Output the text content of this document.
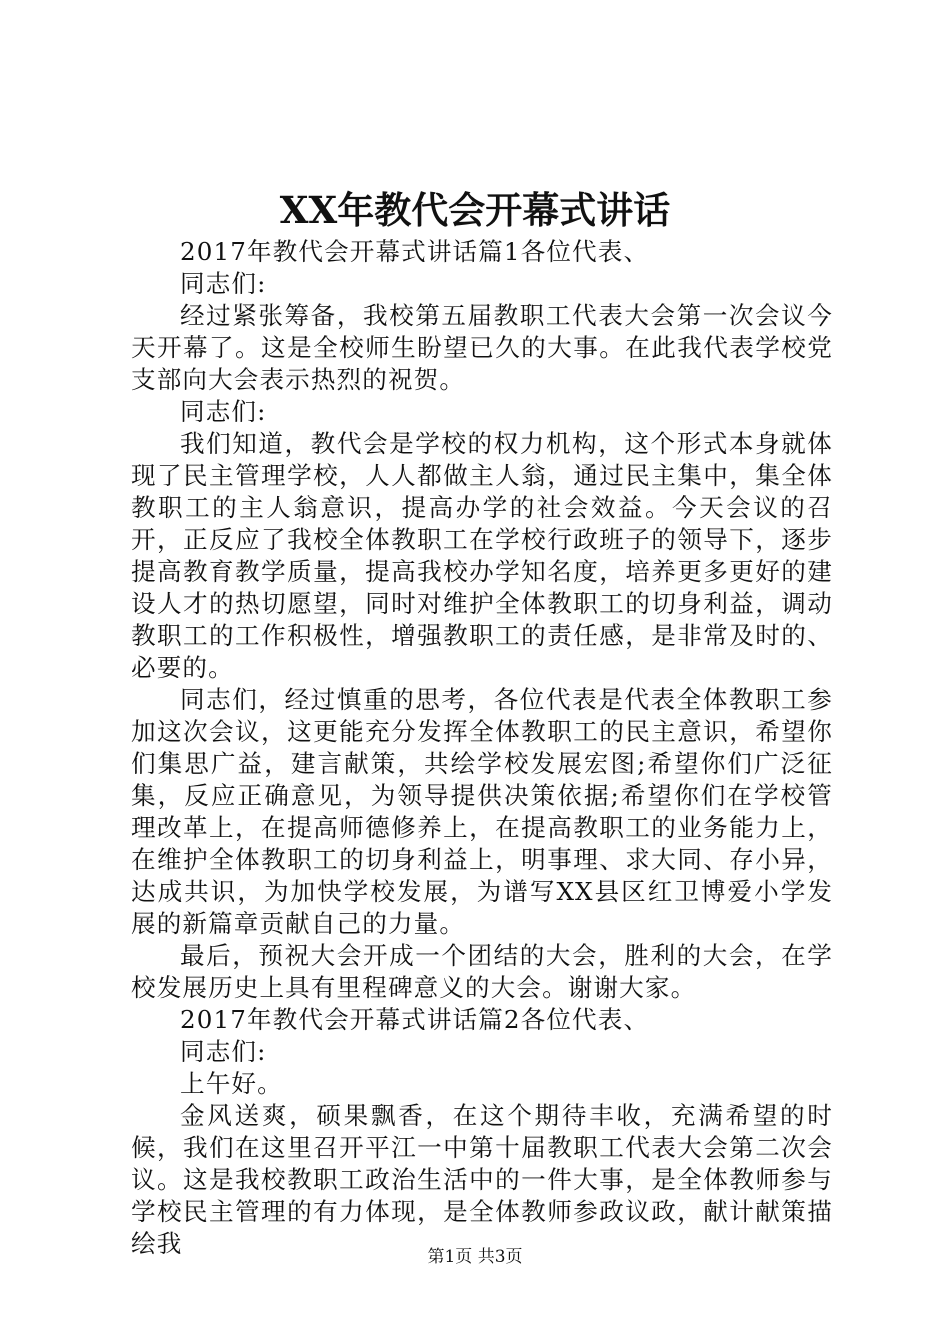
XX年教代会开幕式讲话

2017年教代会开幕式讲话篇1各位代表、

同志们:

经过紧张筹备，我校第五届教职工代表大会第一次会议今天开幕了。这是全校师生盼望已久的大事。在此我代表学校党支部向大会表示热烈的祝贺。

同志们:

我们知道，教代会是学校的权力机构，这个形式本身就体现了民主管理学校，人人都做主人翁，通过民主集中，集全体教职工的主人翁意识，提高办学的社会效益。今天会议的召开，正反应了我校全体教职工在学校行政班子的领导下，逐步提高教育教学质量，提高我校办学知名度，培养更多更好的建设人才的热切愿望，同时对维护全体教职工的切身利益，调动教职工的工作积极性，增强教职工的责任感，是非常及时的、必要的。

同志们，经过慎重的思考，各位代表是代表全体教职工参加这次会议，这更能充分发挥全体教职工的民主意识，希望你们集思广益，建言献策，共绘学校发展宏图;希望你们广泛征集，反应正确意见，为领导提供决策依据;希望你们在学校管理改革上，在提高师德修养上，在提高教职工的业务能力上，在维护全体教职工的切身利益上，明事理、求大同、存小异，达成共识，为加快学校发展，为谱写XX县区红卫博爱小学发展的新篇章贡献自己的力量。

最后，预祝大会开成一个团结的大会，胜利的大会，在学校发展历史上具有里程碑意义的大会。谢谢大家。

2017年教代会开幕式讲话篇2各位代表、

同志们:

上午好。

金风送爽，硕果飘香，在这个期待丰收，充满希望的时候，我们在这里召开平江一中第十届教职工代表大会第二次会议。这是我校教职工政治生活中的一件大事，是全体教师参与学校民主管理的有力体现，是全体教师参政议政，献计献策描绘我	第1页 共3页
